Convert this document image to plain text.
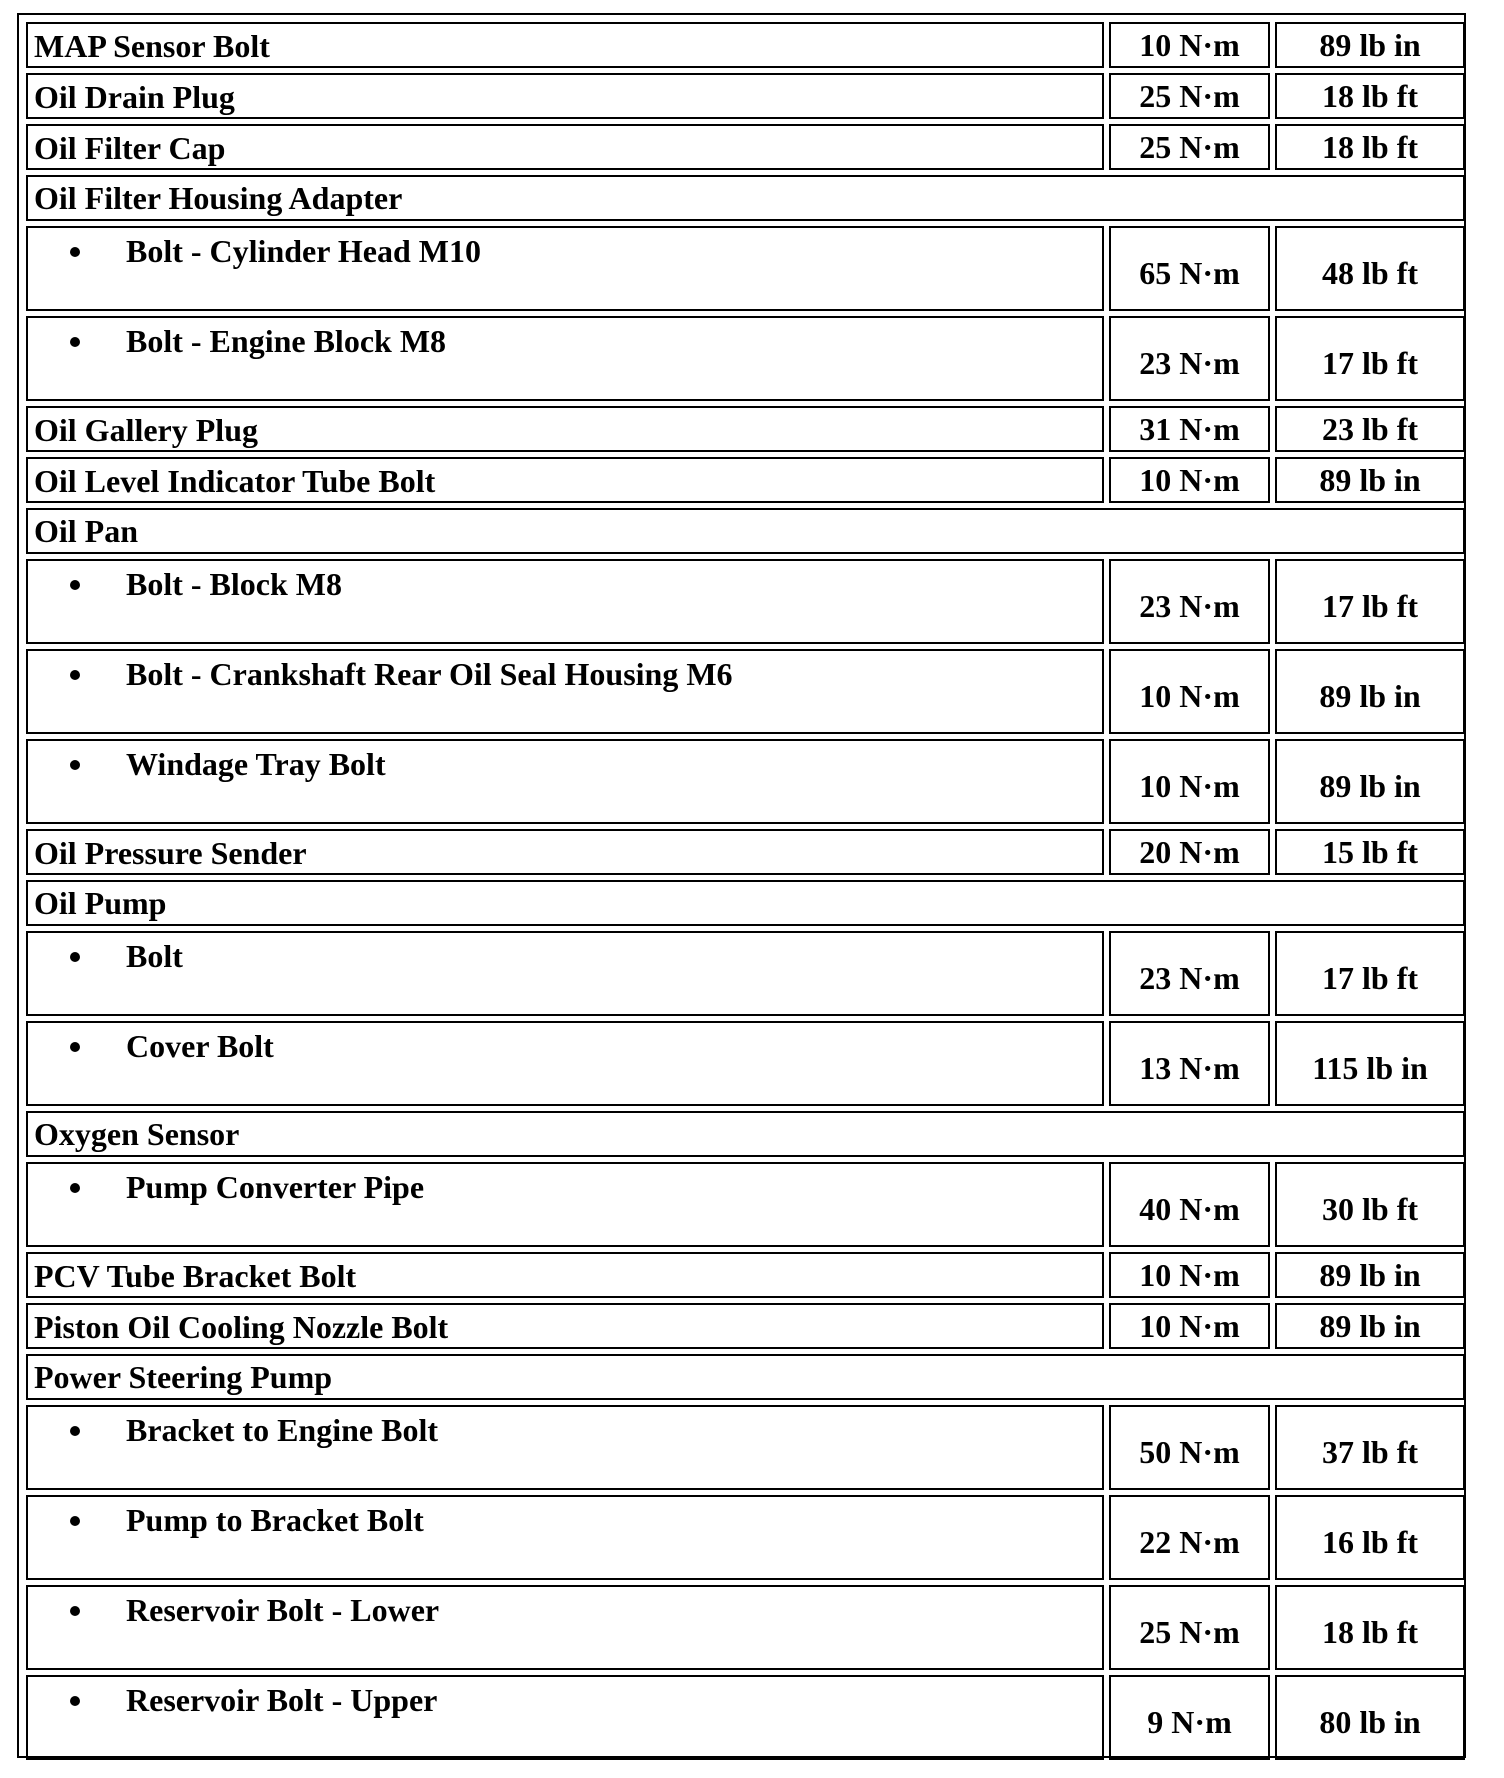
MAP Sensor Bolt	10 N·m	89 lb in
Oil Drain Plug	25 N·m	18 lb ft
Oil Filter Cap	25 N·m	18 lb ft
Oil Filter Housing Adapter		
Bolt - Cylinder Head M10	65 N·m	48 lb ft
Bolt - Engine Block M8	23 N·m	17 lb ft
Oil Gallery Plug	31 N·m	23 lb ft
Oil Level Indicator Tube Bolt	10 N·m	89 lb in
Oil Pan		
Bolt - Block M8	23 N·m	17 lb ft
Bolt - Crankshaft Rear Oil Seal Housing M6	10 N·m	89 lb in
Windage Tray Bolt	10 N·m	89 lb in
Oil Pressure Sender	20 N·m	15 lb ft
Oil Pump		
Bolt	23 N·m	17 lb ft
Cover Bolt	13 N·m	115 lb in
Oxygen Sensor		
Pump Converter Pipe	40 N·m	30 lb ft
PCV Tube Bracket Bolt	10 N·m	89 lb in
Piston Oil Cooling Nozzle Bolt	10 N·m	89 lb in
Power Steering Pump		
Bracket to Engine Bolt	50 N·m	37 lb ft
Pump to Bracket Bolt	22 N·m	16 lb ft
Reservoir Bolt - Lower	25 N·m	18 lb ft
Reservoir Bolt - Upper	9 N·m	80 lb in
